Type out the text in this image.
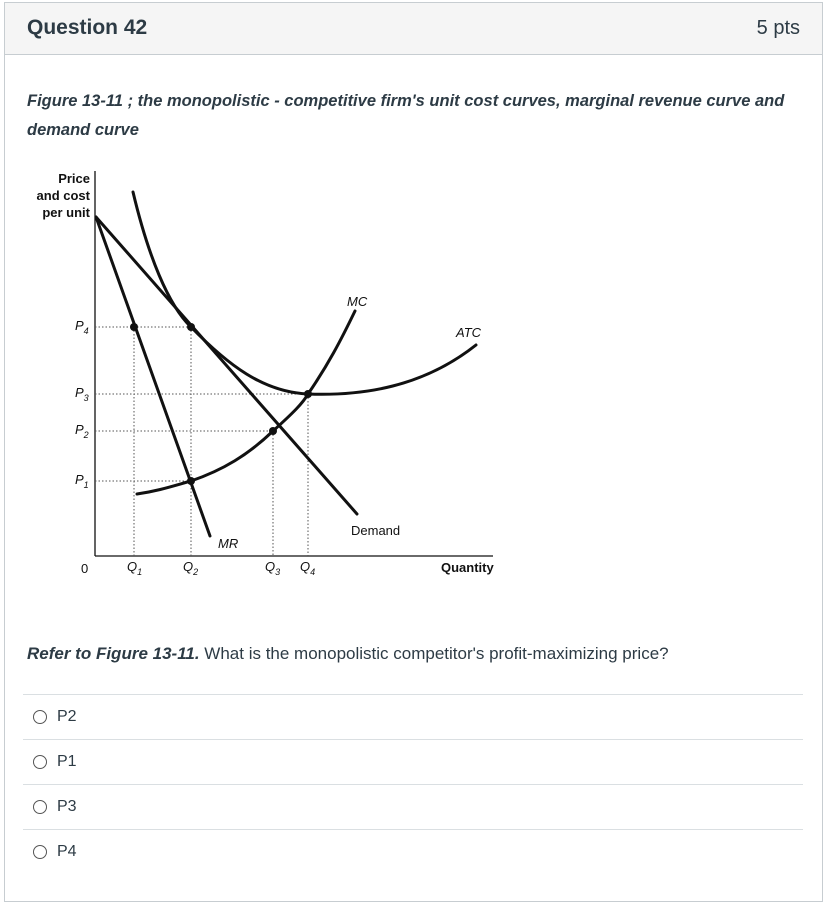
Question 42	5 pts
Figure 13-11 ; the monopolistic - competitive firm's unit cost curves, marginal revenue curve and demand curve
Price
and cost
per unit
$P_4$
$P_3$
$P_2$
$P_1$
0	$Q_1$	$Q_2$	$Q_3$ $Q_4$	Quantity
MC
ATC
MR
Demand
Refer to Figure 13-11. What is the monopolistic competitor's profit-maximizing price?
P2
P1
P3
P4
